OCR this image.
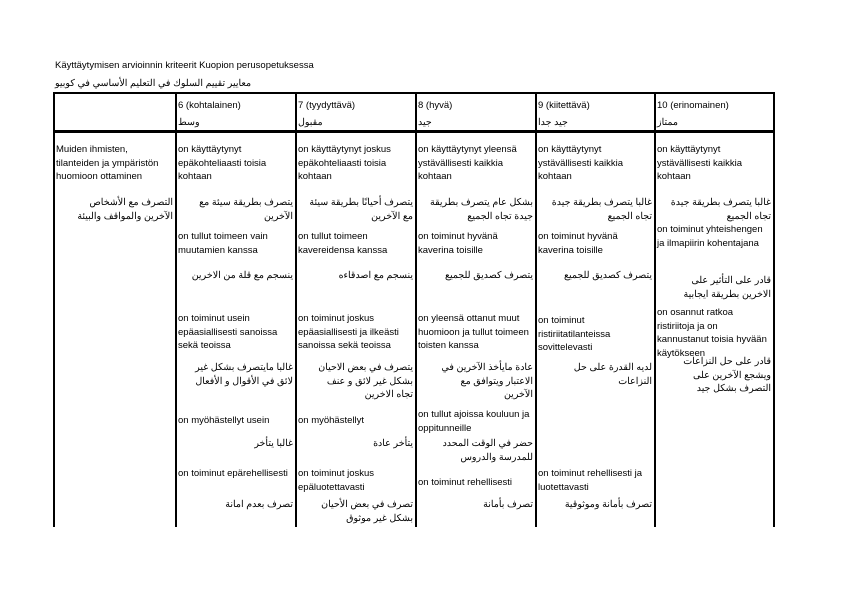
Käyttäytymisen arvioinnin kriteerit Kuopion perusopetuksessa
معايير تقييم السلوك في التعليم الأساسي في كوبيو
6 (kohtalainen)
وسط
7 (tyydyttävä)
مقبول
8 (hyvä)
جيد
9 (kiitettävä)
جيد جدا
10 (erinomainen)
ممتاز
Muiden ihmisten, tilanteiden ja ympäristön huomioon ottaminen
التصرف مع الأشخاص الآخرين والمواقف والبيئة
on käyttäytynyt epäkohteliaasti toisia kohtaan
يتصرف بطريقة سيئة مع الآخرين
on tullut toimeen vain muutamien kanssa
ينسجم مع قلة من الاخرين
on toiminut usein epäasiallisesti sanoissa sekä teoissa
غالبا مايتصرف بشكل غير لائق في الأقوال و الأفعال
on myöhästellyt usein
غالبا يتأخر
on toiminut epärehellisesti
تصرف بعدم امانة
on käyttäytynyt joskus epäkohteliaasti toisia kohtaan
يتصرف أحيانًا بطريقة سيئة مع الآخرين
on tullut toimeen kavereidensa kanssa
ينسجم مع اصدقاءه
on toiminut joskus epäasiallisesti ja ilkeästi sanoissa sekä teoissa
يتصرف في بعض الاحيان بشكل غير لائق و عنف تجاه الاخرين
on myöhästellyt
يتأخر عادة
on toiminut joskus epäluotettavasti
تصرف في بعض الأحيان بشكل غير موثوق
on käyttäytynyt yleensä ystävällisesti kaikkia kohtaan
بشكل عام يتصرف بطريقة جيدة تجاه الجميع
on toiminut hyvänä kaverina toisille
يتصرف كصديق للجميع
on yleensä ottanut muut huomioon ja tullut toimeen toisten kanssa
عادة مايأخذ الآخرين في الاعتبار ويتوافق مع الآخرين
on tullut ajoissa kouluun ja oppitunneille
حضر في الوقت المحدد للمدرسة والدروس
on toiminut rehellisesti
تصرف بأمانة
on käyttäytynyt ystävällisesti kaikkia kohtaan
غالبا يتصرف بطريقة جيدة تجاه الجميع
on toiminut hyvänä kaverina toisille
يتصرف كصديق للجميع
on toiminut ristiriitatilanteissa sovittelevasti
لديه القدرة على حل النزاعات
on toiminut rehellisesti ja luotettavasti
تصرف بأمانة وموثوقية
on käyttäytynyt ystävällisesti kaikkia kohtaan
غالبا يتصرف بطريقة جيدة تجاه الجميع
on toiminut yhteishengen ja ilmapiirin kohentajana
قادر على التأثير على الاخرين بطريقة ايجابية
on osannut ratkoa ristiriitoja ja on kannustanut toisia hyvään käytökseen
قادر على حل النزاعات ويشجع الآخرين على التصرف بشكل جيد
